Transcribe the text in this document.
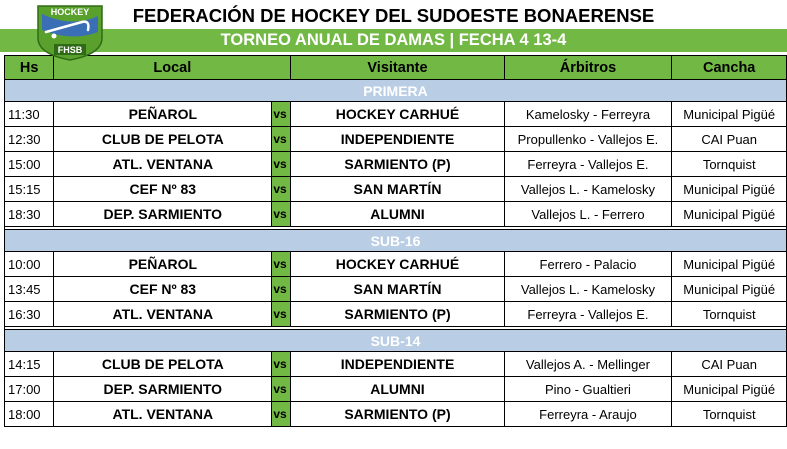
HOCKEY
FHSB
FEDERACIÓN DE HOCKEY DEL SUDOESTE BONAERENSE
TORNEO ANUAL DE DAMAS | FECHA 4 13-4
Hs	Local		Visitante	Árbitros	Cancha
PRIMERA					
11:30	PEÑAROL	vs	HOCKEY CARHUÉ	Kamelosky - Ferreyra	Municipal Pigüé
12:30	CLUB DE PELOTA	vs	INDEPENDIENTE	Propullenko - Vallejos E.	CAI Puan
15:00	ATL. VENTANA	vs	SARMIENTO (P)	Ferreyra - Vallejos E.	Tornquist
15:15	CEF Nº 83	vs	SAN MARTÍN	Vallejos L. - Kamelosky	Municipal Pigüé
18:30	DEP. SARMIENTO	vs	ALUMNI	Vallejos L. - Ferrero	Municipal Pigüé

SUB-16					
10:00	PEÑAROL	vs	HOCKEY CARHUÉ	Ferrero - Palacio	Municipal Pigüé
13:45	CEF Nº 83	vs	SAN MARTÍN	Vallejos L. - Kamelosky	Municipal Pigüé
16:30	ATL. VENTANA	vs	SARMIENTO (P)	Ferreyra - Vallejos E.	Tornquist

SUB-14					
14:15	CLUB DE PELOTA	vs	INDEPENDIENTE	Vallejos A. - Mellinger	CAI Puan
17:00	DEP. SARMIENTO	vs	ALUMNI	Pino - Gualtieri	Municipal Pigüé
18:00	ATL. VENTANA	vs	SARMIENTO (P)	Ferreyra - Araujo	Tornquist
